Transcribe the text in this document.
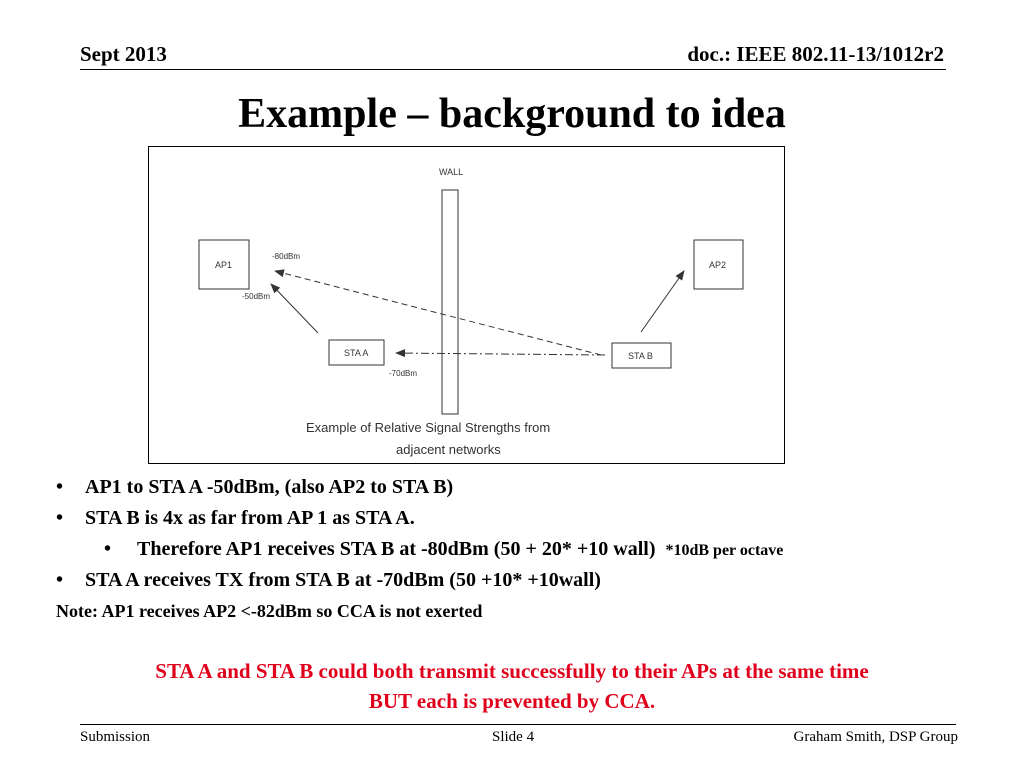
Sept 2013	doc.: IEEE 802.11-13/1012r2
Example – background to idea
WALL
AP1	AP2
STA A	STA B
-80dBm
-50dBm
-70dBm
Example of Relative Signal Strengths from
adjacent networks
• AP1 to STA A -50dBm, (also AP2 to STA B)
• STA B is 4x as far from AP 1 as STA A.
• Therefore AP1 receives STA B at -80dBm (50 + 20* +10 wall) *10dB per octave
• STA A receives TX from STA B at -70dBm (50 +10* +10wall)
Note: AP1 receives AP2 <-82dBm so CCA is not exerted
STA A and STA B could both transmit successfully to their APs at the same time
BUT each is prevented by CCA.
Submission	Slide 4	Graham Smith, DSP Group
